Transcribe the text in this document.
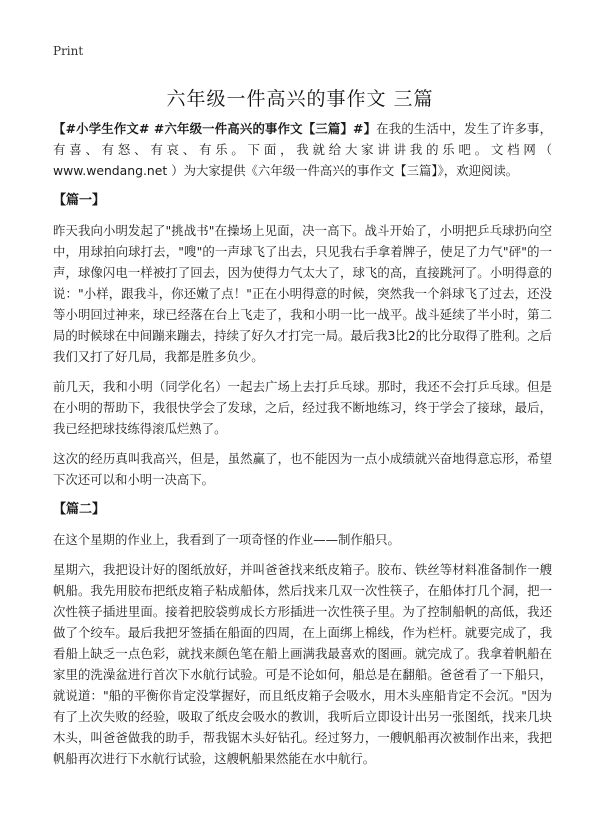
Print
六年级一件高兴的事作文 三篇

【#小学生作文# #六年级一件高兴的事作文【三篇】#】在我的生活中，发生了许多事，有喜、有怒、有哀、有乐。下面，我就给大家讲讲我的乐吧。文档网（ www.wendang.net ）为大家提供《六年级一件高兴的事作文【三篇】》，欢迎阅读。

【篇一】

昨天我向小明发起了"挑战书"在操场上见面，决一高下。战斗开始了，小明把乒乓球扔向空中，用球拍向球打去，"嗖"的一声球飞了出去，只见我右手拿着牌子，使足了力气"砰"的一声，球像闪电一样被打了回去，因为使得力气太大了，球飞的高，直接跳河了。小明得意的说："小样，跟我斗，你还嫩了点！"正在小明得意的时候，突然我一个斜球飞了过去，还没等小明回过神来，球已经落在台上飞走了，我和小明一比一战平。战斗延续了半小时，第二局的时候球在中间蹦来蹦去，持续了好久才打完一局。最后我3比2的比分取得了胜利。之后我们又打了好几局，我都是胜多负少。

前几天，我和小明（同学化名）一起去广场上去打乒乓球。那时，我还不会打乒乓球。但是在小明的帮助下，我很快学会了发球，之后，经过我不断地练习，终于学会了接球，最后，我已经把球技练得滚瓜烂熟了。

这次的经历真叫我高兴，但是，虽然赢了，也不能因为一点小成绩就兴奋地得意忘形，希望下次还可以和小明一决高下。

【篇二】

在这个星期的作业上，我看到了一项奇怪的作业——制作船只。

星期六，我把设计好的图纸放好，并叫爸爸找来纸皮箱子。胶布、铁丝等材料准备制作一艘帆船。我先用胶布把纸皮箱子粘成船体，然后找来几双一次性筷子，在船体打几个洞，把一次性筷子插进里面。接着把胶袋剪成长方形插进一次性筷子里。为了控制船帆的高低，我还做了个绞车。最后我把牙签插在船面的四周，在上面绑上棉线，作为栏杆。就要完成了，我看船上缺乏一点色彩，就找来颜色笔在船上画满我最喜欢的图画。就完成了。我拿着帆船在家里的洗澡盆进行首次下水航行试验。可是不论如何，船总是在翻船。爸爸看了一下船只，就说道："船的平衡你肯定没掌握好，而且纸皮箱子会吸水，用木头座船肯定不会沉。"因为有了上次失败的经验，吸取了纸皮会吸水的教训，我听后立即设计出另一张图纸，找来几块木头，叫爸爸做我的助手，帮我锯木头好钻孔。经过努力，一艘帆船再次被制作出来，我把帆船再次进行下水航行试验，这艘帆船果然能在水中航行。
